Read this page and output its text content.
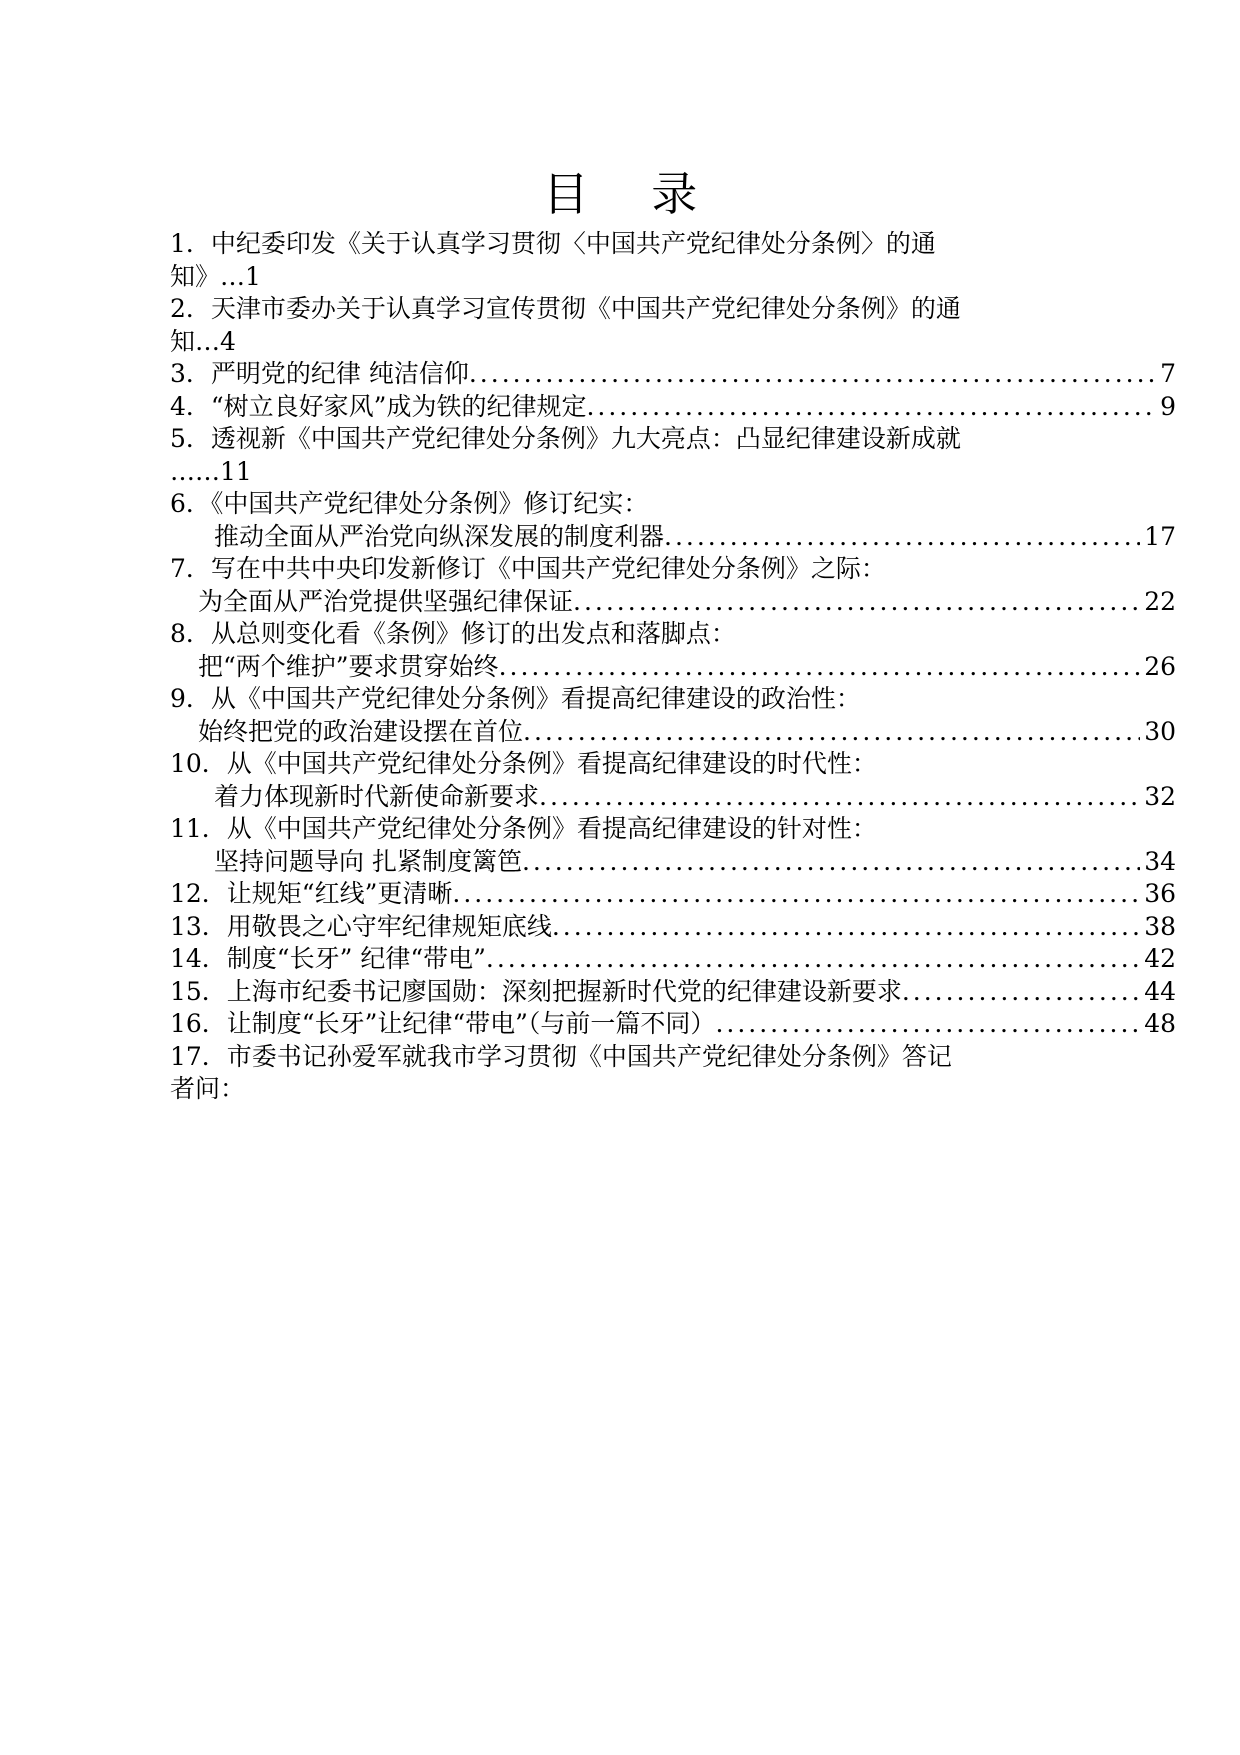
目 录
1．中纪委印发《关于认真学习贯彻〈中国共产党纪律处分条例〉的通
知》…1
2．天津市委办关于认真学习宣传贯彻《中国共产党纪律处分条例》的通
知…4
3．严明党的纪律 纯洁信仰 .....	7
4．“树立良好家风”成为铁的纪律规定 .....	9
5．透视新《中国共产党纪律处分条例》九大亮点：凸显纪律建设新成就
……11
6．《中国共产党纪律处分条例》修订纪实：
推动全面从严治党向纵深发展的制度利器 .....	17
7．写在中共中央印发新修订《中国共产党纪律处分条例》之际：
为全面从严治党提供坚强纪律保证 .....	22
8．从总则变化看《条例》修订的出发点和落脚点：
把“两个维护”要求贯穿始终 .....	26
9．从《中国共产党纪律处分条例》看提高纪律建设的政治性：
始终把党的政治建设摆在首位 .....	30
10．从《中国共产党纪律处分条例》看提高纪律建设的时代性：
着力体现新时代新使命新要求 .....	32
11．从《中国共产党纪律处分条例》看提高纪律建设的针对性：
坚持问题导向 扎紧制度篱笆 .....	34
12．让规矩“红线”更清晰 .....	36
13．用敬畏之心守牢纪律规矩底线 .....	38
14．制度“长牙” 纪律“带电” .....	42
15．上海市纪委书记廖国勋：深刻把握新时代党的纪律建设新要求 .....	44
16．让制度“长牙”让纪律“带电”（与前一篇不同） .....	48
17．市委书记孙爱军就我市学习贯彻《中国共产党纪律处分条例》答记
者问：
